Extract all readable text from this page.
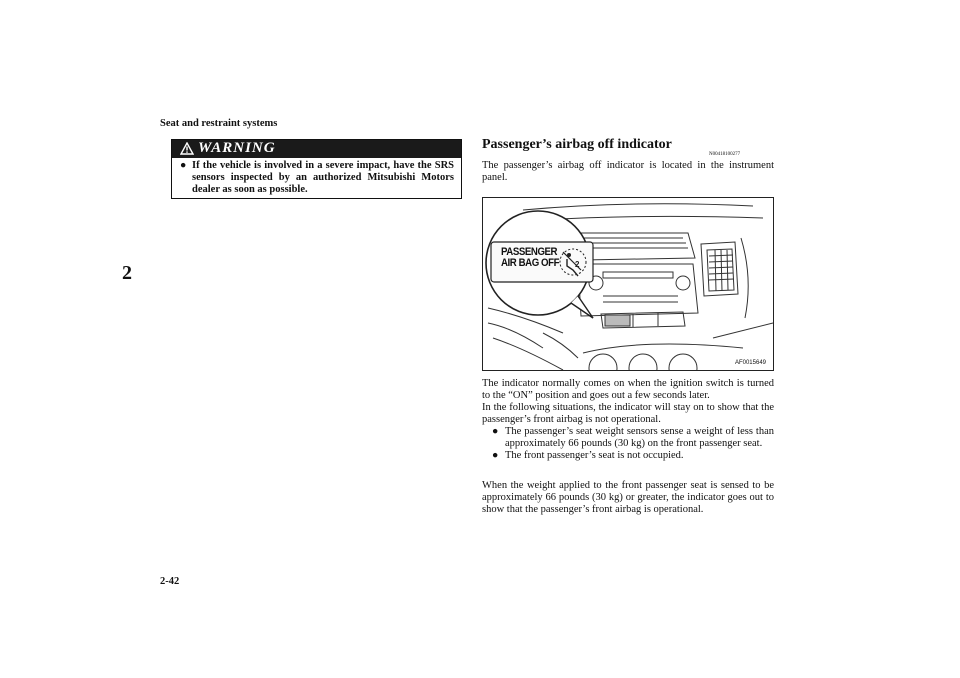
Seat and restraint systems
2
WARNING
● If the vehicle is involved in a severe impact, have the SRS sensors inspected by an authorized Mitsubishi Motors dealer as soon as possible.
Passenger’s airbag off indicator
N00418100277
The passenger’s airbag off indicator is located in the instrument panel.
2
PASSENGER
AIR BAG OFF
AF0015649
The indicator normally comes on when the ignition switch is turned to the “ON” position and goes out a few seconds later.
In the following situations, the indicator will stay on to show that the passenger’s front airbag is not operational.
● The passenger’s seat weight sensors sense a weight of less than approximately 66 pounds (30 kg) on the front passenger seat.
● The front passenger’s seat is not occupied.
When the weight applied to the front passenger seat is sensed to be approximately 66 pounds (30 kg) or greater, the indicator goes out to show that the passenger’s front airbag is operational.
2-42
